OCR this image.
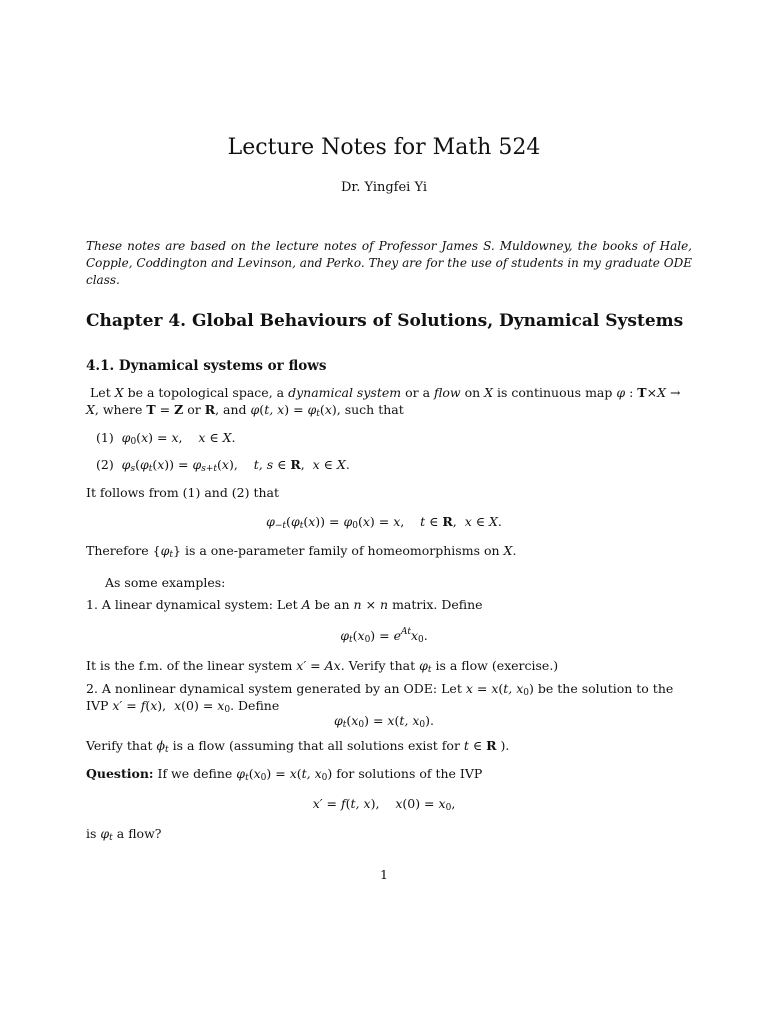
Lecture Notes for Math 524
Dr. Yingfei Yi
These notes are based on the lecture notes of Professor James S. Muldowney, the books of Hale, Copple, Coddington and Levinson, and Perko. They are for the use of students in my graduate ODE class.
Chapter 4. Global Behaviours of Solutions, Dynamical Systems
4.1. Dynamical systems or flows
Let X be a topological space, a dynamical system or a flow on X is continuous map φ : T×X →
X, where T = Z or R, and φ(t, $x) = \varphi_t(x)$, such that
(1) $\varphi_0(x) = x$,    x ∈ X.
(2) $\varphi_s(\varphi_t(x)) = \varphi_{s+t}(x)$,    t, s ∈ R,  x ∈ X.
It follows from (1) and (2) that
$\varphi_{-t}(\varphi_t(x)) = \varphi_0(x) = x$,    t ∈ R,  x ∈ X.
Therefore $\{\varphi_t\}$ is a one-parameter family of homeomorphisms on X.
As some examples:
1. A linear dynamical system: Let A be an n × n matrix. Define
$\varphi_t(x_0) = e^{At}x_0$.
It is the f.m. of the linear system x′ = Ax. Verify that $\varphi_t$ is a flow (exercise.)
2. A nonlinear dynamical system generated by an ODE: Let x = x(t, $x_0$) be the solution to the
IVP x′ = f(x),  $x(0) = x_0$. Define
$\varphi_t(x_0) = x(t$, $x_0$).
Verify that $\phi_t$ is a flow (assuming that all solutions exist for t ∈ R ).
Question: If we define $\varphi_t(x_0) = x(t$, $x_0$) for solutions of the IVP
x′ = f(t, x),    $x(0) = x_0$,
is $\varphi_t$ a flow?
1
